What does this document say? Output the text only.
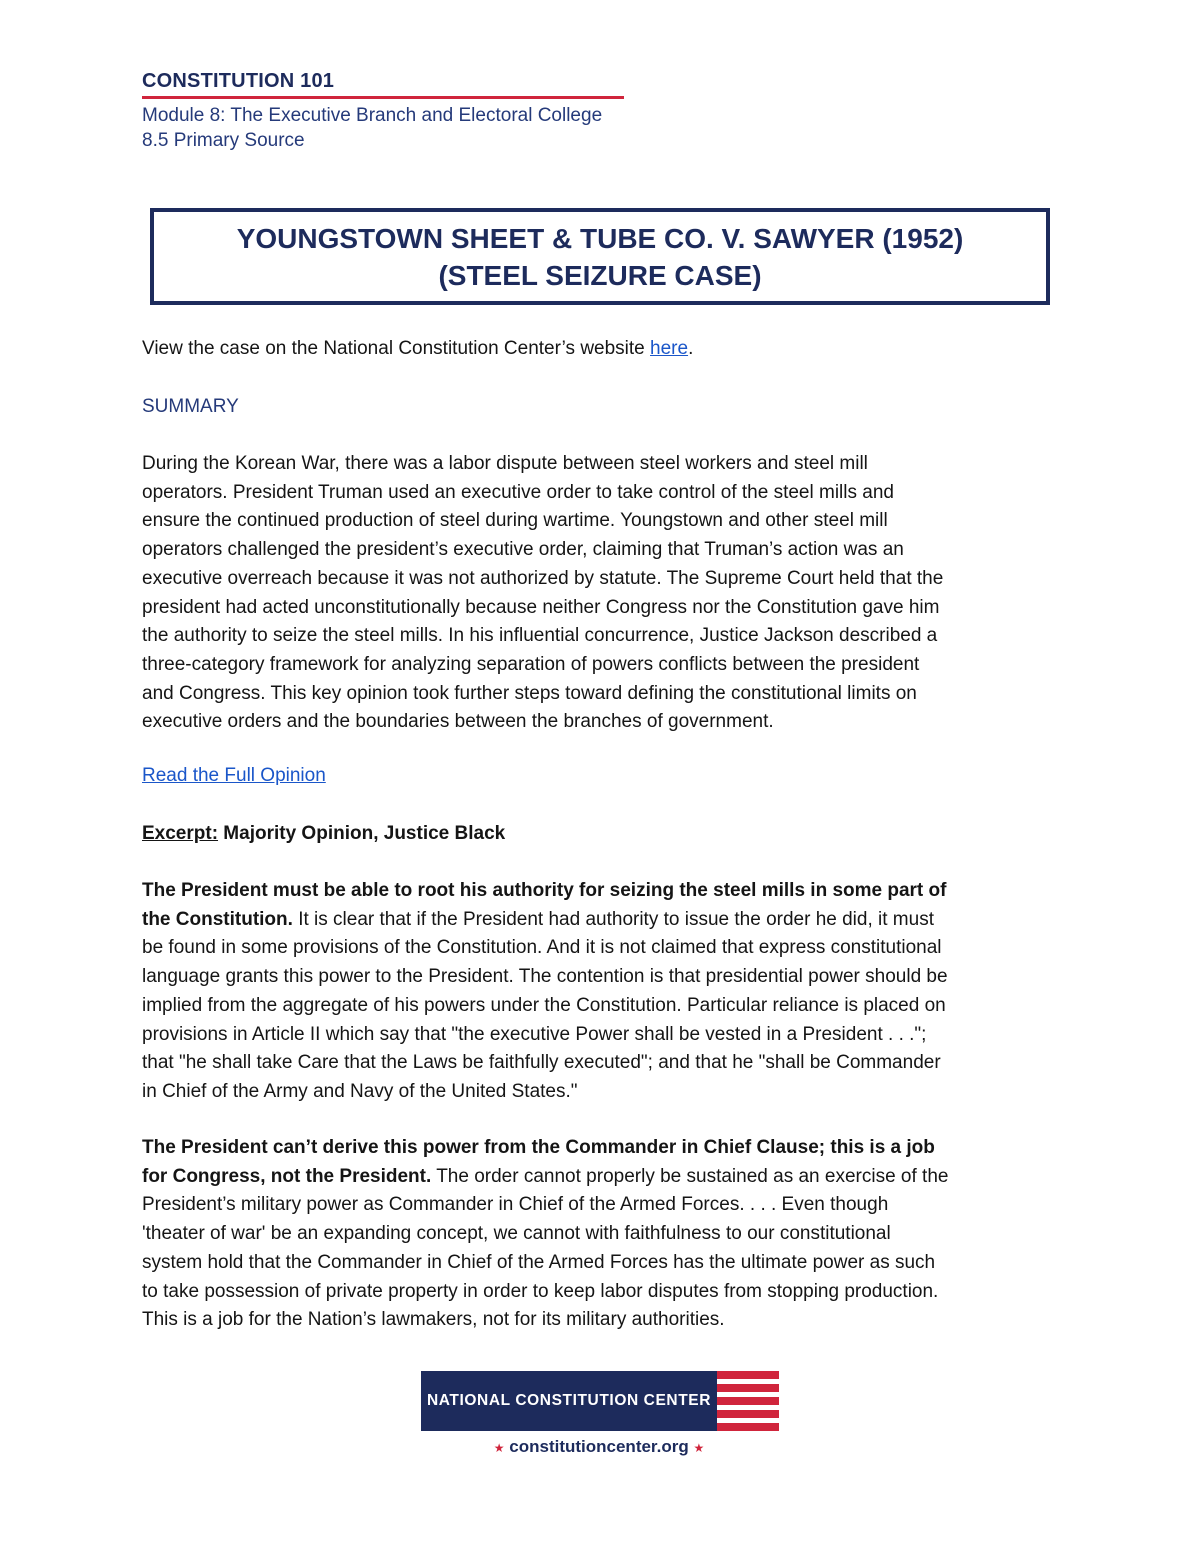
CONSTITUTION 101
Module 8: The Executive Branch and Electoral College
8.5 Primary Source
YOUNGSTOWN SHEET & TUBE CO. V. SAWYER (1952)
(STEEL SEIZURE CASE)
View the case on the National Constitution Center’s website here.
SUMMARY
During the Korean War, there was a labor dispute between steel workers and steel mill
operators. President Truman used an executive order to take control of the steel mills and
ensure the continued production of steel during wartime. Youngstown and other steel mill
operators challenged the president’s executive order, claiming that Truman’s action was an
executive overreach because it was not authorized by statute. The Supreme Court held that the
president had acted unconstitutionally because neither Congress nor the Constitution gave him
the authority to seize the steel mills. In his influential concurrence, Justice Jackson described a
three-category framework for analyzing separation of powers conflicts between the president
and Congress. This key opinion took further steps toward defining the constitutional limits on
executive orders and the boundaries between the branches of government.
Read the Full Opinion
Excerpt: Majority Opinion, Justice Black
The President must be able to root his authority for seizing the steel mills in some part of
the Constitution. It is clear that if the President had authority to issue the order he did, it must
be found in some provisions of the Constitution. And it is not claimed that express constitutional
language grants this power to the President. The contention is that presidential power should be
implied from the aggregate of his powers under the Constitution. Particular reliance is placed on
provisions in Article II which say that "the executive Power shall be vested in a President . . .";
that "he shall take Care that the Laws be faithfully executed"; and that he "shall be Commander
in Chief of the Army and Navy of the United States."
The President can’t derive this power from the Commander in Chief Clause; this is a job
for Congress, not the President. The order cannot properly be sustained as an exercise of the
President’s military power as Commander in Chief of the Armed Forces. . . . Even though
'theater of war' be an expanding concept, we cannot with faithfulness to our constitutional
system hold that the Commander in Chief of the Armed Forces has the ultimate power as such
to take possession of private property in order to keep labor disputes from stopping production.
This is a job for the Nation’s lawmakers, not for its military authorities.
NATIONAL CONSTITUTION CENTER
★ constitutioncenter.org ★
